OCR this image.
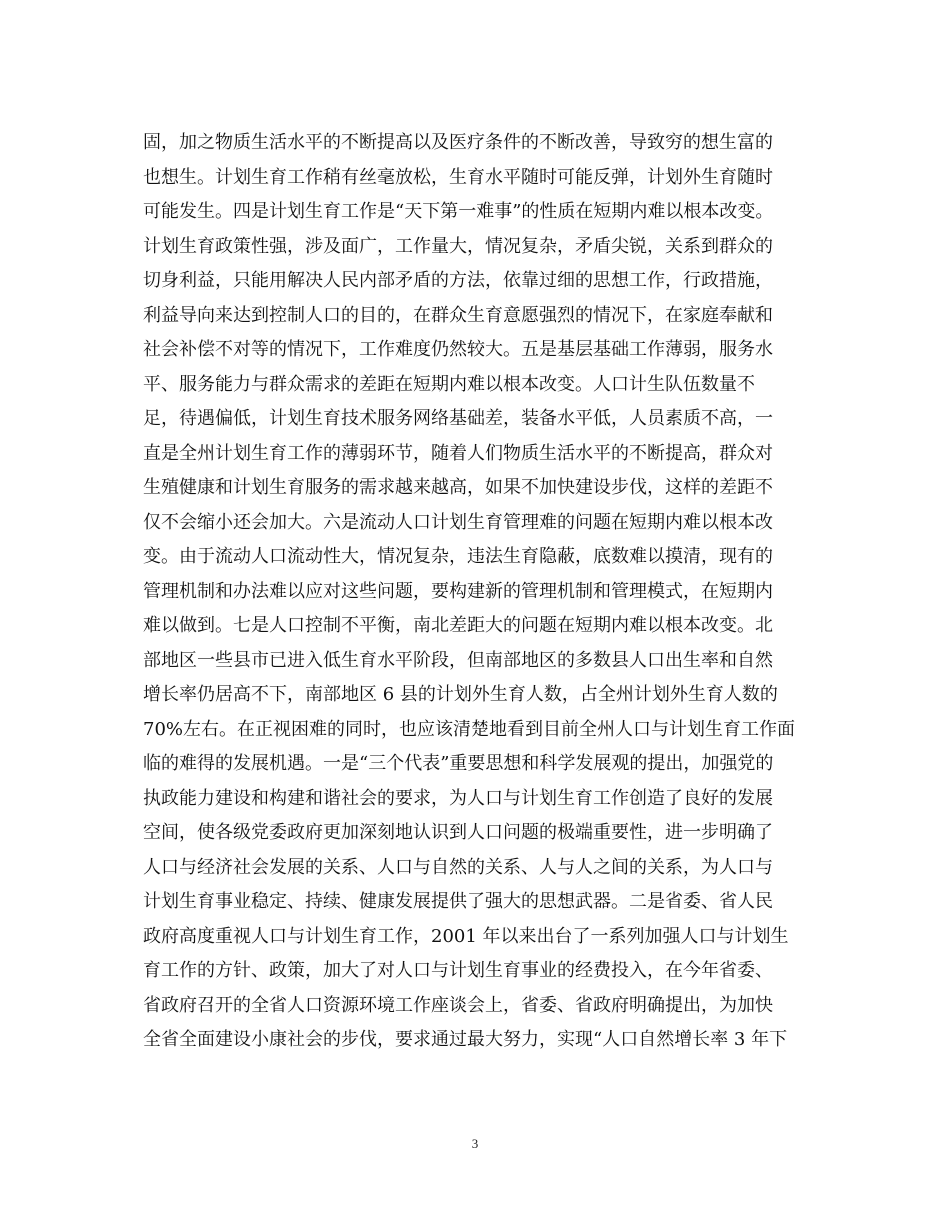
固，加之物质生活水平的不断提高以及医疗条件的不断改善，导致穷的想生富的
也想生。计划生育工作稍有丝毫放松，生育水平随时可能反弹，计划外生育随时
可能发生。四是计划生育工作是“天下第一难事”的性质在短期内难以根本改变。
计划生育政策性强，涉及面广，工作量大，情况复杂，矛盾尖锐，关系到群众的
切身利益，只能用解决人民内部矛盾的方法，依靠过细的思想工作，行政措施，
利益导向来达到控制人口的目的，在群众生育意愿强烈的情况下，在家庭奉献和
社会补偿不对等的情况下，工作难度仍然较大。五是基层基础工作薄弱，服务水
平、服务能力与群众需求的差距在短期内难以根本改变。人口计生队伍数量不
足，待遇偏低，计划生育技术服务网络基础差，装备水平低，人员素质不高，一
直是全州计划生育工作的薄弱环节，随着人们物质生活水平的不断提高，群众对
生殖健康和计划生育服务的需求越来越高，如果不加快建设步伐，这样的差距不
仅不会缩小还会加大。六是流动人口计划生育管理难的问题在短期内难以根本改
变。由于流动人口流动性大，情况复杂，违法生育隐蔽，底数难以摸清，现有的
管理机制和办法难以应对这些问题，要构建新的管理机制和管理模式，在短期内
难以做到。七是人口控制不平衡，南北差距大的问题在短期内难以根本改变。北
部地区一些县市已进入低生育水平阶段，但南部地区的多数县人口出生率和自然
增长率仍居高不下，南部地区 6 县的计划外生育人数，占全州计划外生育人数的
70%左右。在正视困难的同时，也应该清楚地看到目前全州人口与计划生育工作面
临的难得的发展机遇。一是“三个代表”重要思想和科学发展观的提出，加强党的
执政能力建设和构建和谐社会的要求，为人口与计划生育工作创造了良好的发展
空间，使各级党委政府更加深刻地认识到人口问题的极端重要性，进一步明确了
人口与经济社会发展的关系、人口与自然的关系、人与人之间的关系，为人口与
计划生育事业稳定、持续、健康发展提供了强大的思想武器。二是省委、省人民
政府高度重视人口与计划生育工作，2001 年以来出台了一系列加强人口与计划生
育工作的方针、政策，加大了对人口与计划生育事业的经费投入，在今年省委、
省政府召开的全省人口资源环境工作座谈会上，省委、省政府明确提出，为加快
全省全面建设小康社会的步伐，要求通过最大努力，实现“人口自然增长率 3 年下
3
